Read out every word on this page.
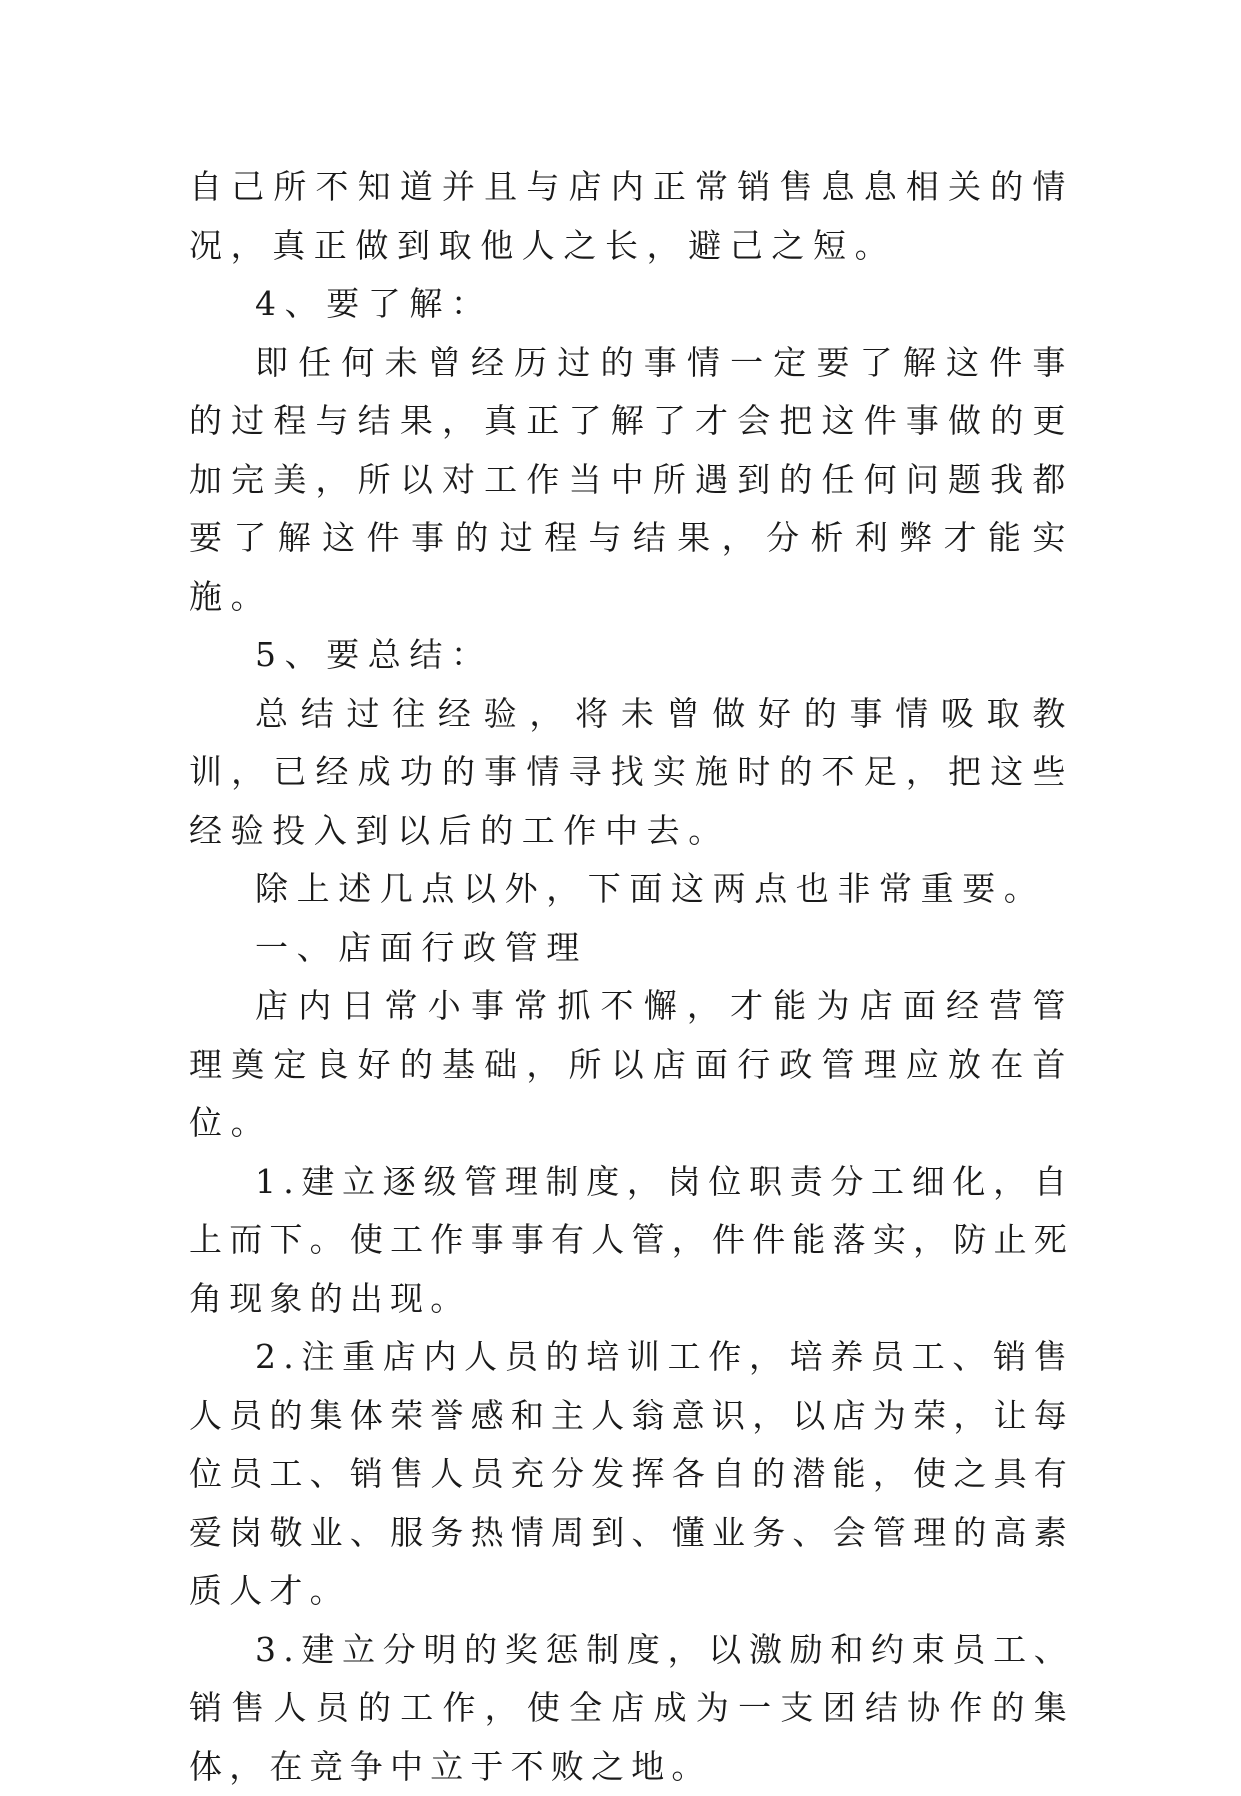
自己所不知道并且与店内正常销售息息相关的情况，真正做到取他人之长，避己之短。

4、要了解：

即任何未曾经历过的事情一定要了解这件事的过程与结果，真正了解了才会把这件事做的更加完美，所以对工作当中所遇到的任何问题我都要了解这件事的过程与结果，分析利弊才能实施。

5、要总结：

总结过往经验，将未曾做好的事情吸取教训，已经成功的事情寻找实施时的不足，把这些经验投入到以后的工作中去。

除上述几点以外，下面这两点也非常重要。

一、店面行政管理

店内日常小事常抓不懈，才能为店面经营管理奠定良好的基础，所以店面行政管理应放在首位。

1.建立逐级管理制度，岗位职责分工细化，自上而下。使工作事事有人管，件件能落实，防止死角现象的出现。

2.注重店内人员的培训工作，培养员工、销售人员的集体荣誉感和主人翁意识，以店为荣，让每位员工、销售人员充分发挥各自的潜能，使之具有爱岗敬业、服务热情周到、懂业务、会管理的高素质人才。

3.建立分明的奖惩制度，以激励和约束员工、销售人员的工作，使全店成为一支团结协作的集体，在竞争中立于不败之地。
